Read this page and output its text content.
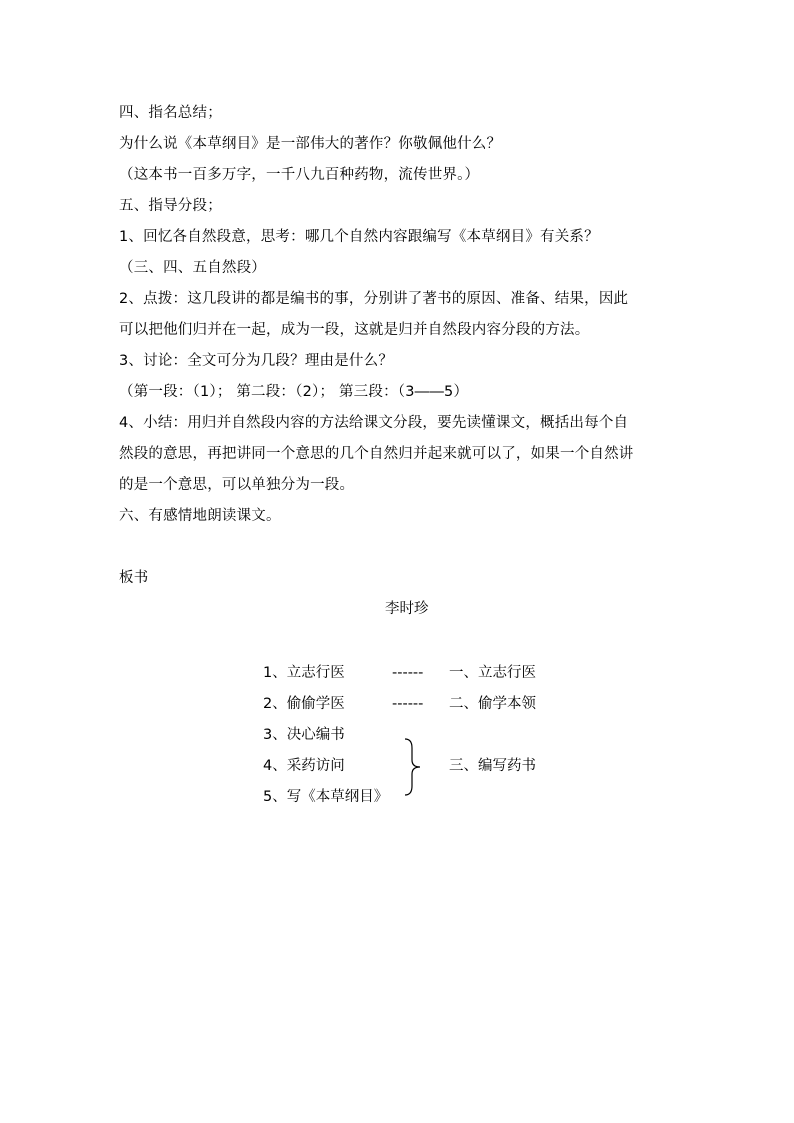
四、指名总结；
为什么说《本草纲目》是一部伟大的著作？你敬佩他什么？
（这本书一百多万字，一千八九百种药物，流传世界。）
五、指导分段；
1、回忆各自然段意，思考：哪几个自然内容跟编写《本草纲目》有关系？
（三、四、五自然段）
2、点拨：这几段讲的都是编书的事，分别讲了著书的原因、准备、结果，因此
可以把他们归并在一起，成为一段，这就是归并自然段内容分段的方法。
3、讨论：全文可分为几段？理由是什么？
（第一段：（1）； 第二段：（2）； 第三段：（3――5）
4、小结：用归并自然段内容的方法给课文分段，要先读懂课文，概括出每个自
然段的意思，再把讲同一个意思的几个自然归并起来就可以了，如果一个自然讲
的是一个意思，可以单独分为一段。
六、有感情地朗读课文。
板书
李时珍
1、立志行医	------ 一、立志行医
2、偷偷学医	------ 二、偷学本领
3、决心编书
4、采药访问	三、编写药书
5、写《本草纲目》
